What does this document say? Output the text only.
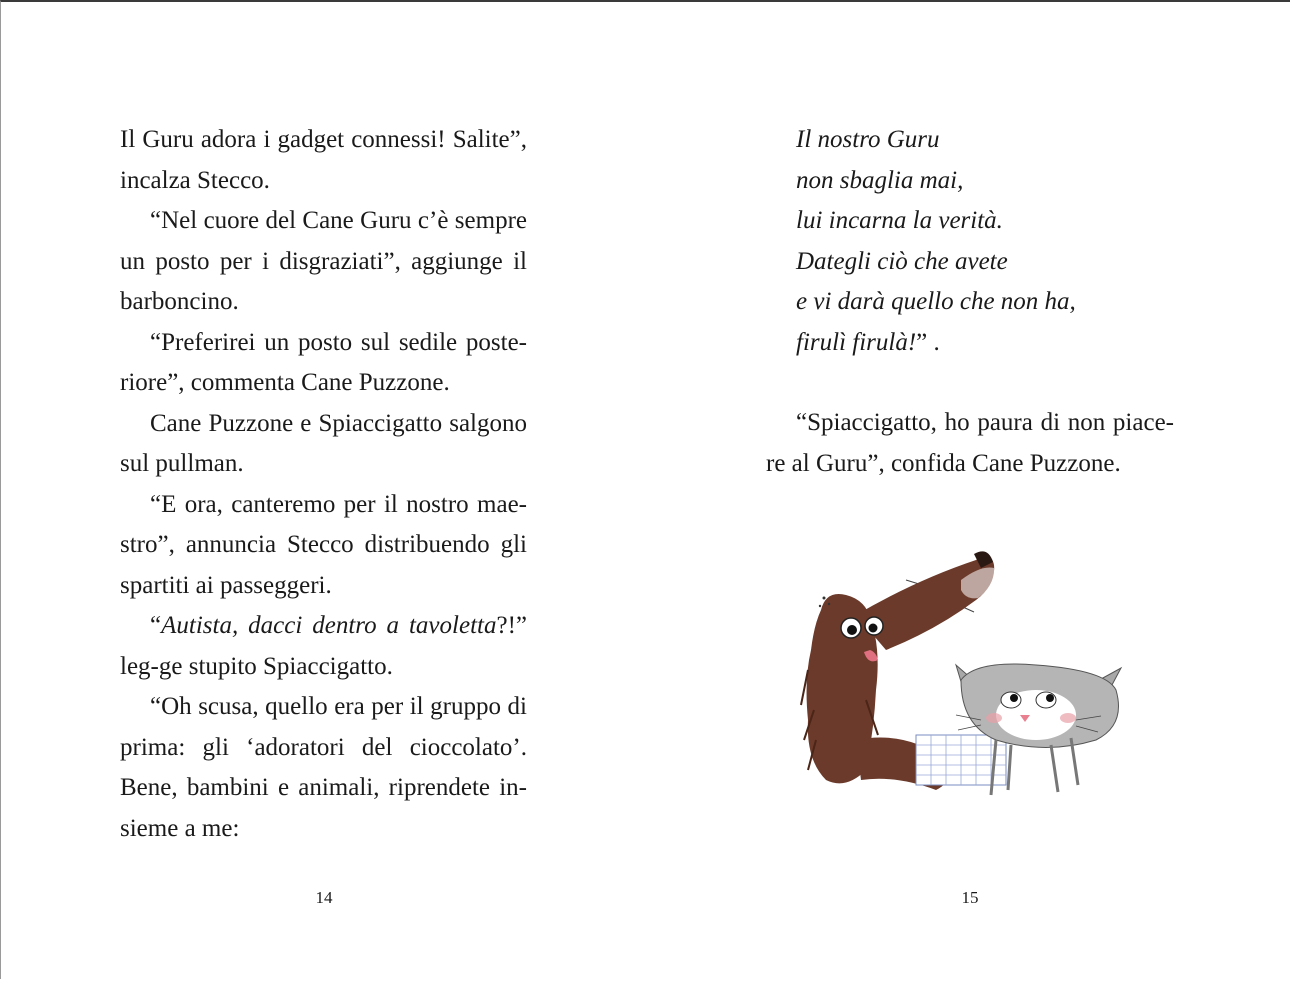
Il Guru adora i gadget connessi! Salite”, incalza Stecco.

“Nel cuore del Cane Guru c’è sempre un posto per i disgraziati”, aggiunge il barboncino.

“Preferirei un posto sul sedile poste-riore”, commenta Cane Puzzone.

Cane Puzzone e Spiaccigatto salgono sul pullman.

“E ora, canteremo per il nostro mae-stro”, annuncia Stecco distribuendo gli spartiti ai passeggeri.

“Autista, dacci dentro a tavoletta?!” leg-ge stupito Spiaccigatto.

“Oh scusa, quello era per il gruppo di prima: gli ‘adoratori del cioccolato’. Bene, bambini e animali, riprendete in-sieme a me:

14
Il nostro Guru
non sbaglia mai,
lui incarna la verità.
Dategli ciò che avete
e vi darà quello che non ha,
firulì firulà!” .

“Spiaccigatto, ho paura di non piace-re al Guru”, confida Cane Puzzone.

15
